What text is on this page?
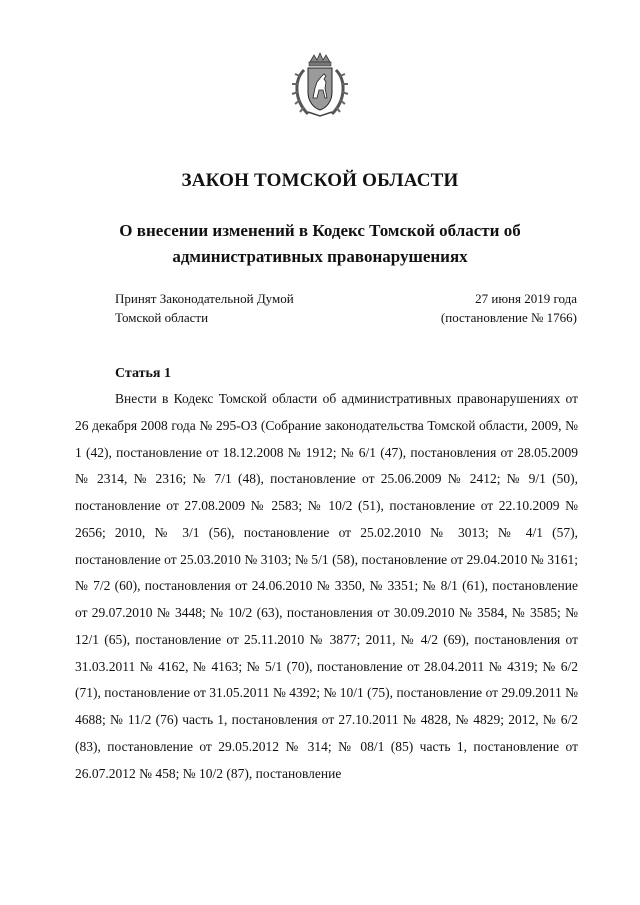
ЗАКОН ТОМСКОЙ ОБЛАСТИ
О внесении изменений в Кодекс Томской области об
административных правонарушениях
Принят Законодательной Думой
Томской области
27 июня 2019 года
(постановление № 1766)
Статья 1

Внести в Кодекс Томской области об административных правонарушениях от 26 декабря 2008 года № 295-ОЗ (Собрание законодательства Томской области, 2009, № 1 (42), постановление от 18.12.2008 № 1912; № 6/1 (47), постановления от 28.05.2009 № 2314, № 2316; № 7/1 (48), постановление от 25.06.2009 № 2412; № 9/1 (50), постановление от 27.08.2009 № 2583; № 10/2 (51), постановление от 22.10.2009 № 2656; 2010, № 3/1 (56), постановление от 25.02.2010 № 3013; № 4/1 (57), постановление от 25.03.2010 № 3103; № 5/1 (58), постановление от 29.04.2010 № 3161; № 7/2 (60), постановления от 24.06.2010 № 3350, № 3351; № 8/1 (61), постановление от 29.07.2010 № 3448; № 10/2 (63), постановления от 30.09.2010 № 3584, № 3585; № 12/1 (65), постановление от 25.11.2010 № 3877; 2011, № 4/2 (69), постановления от 31.03.2011 № 4162, № 4163; № 5/1 (70), постановление от 28.04.2011 № 4319; № 6/2 (71), постановление от 31.05.2011 № 4392; № 10/1 (75), постановление от 29.09.2011 № 4688; № 11/2 (76) часть 1, постановления от 27.10.2011 № 4828, № 4829; 2012, № 6/2 (83), постановление от 29.05.2012 № 314; № 08/1 (85) часть 1, постановление от 26.07.2012 № 458; № 10/2 (87), постановление
